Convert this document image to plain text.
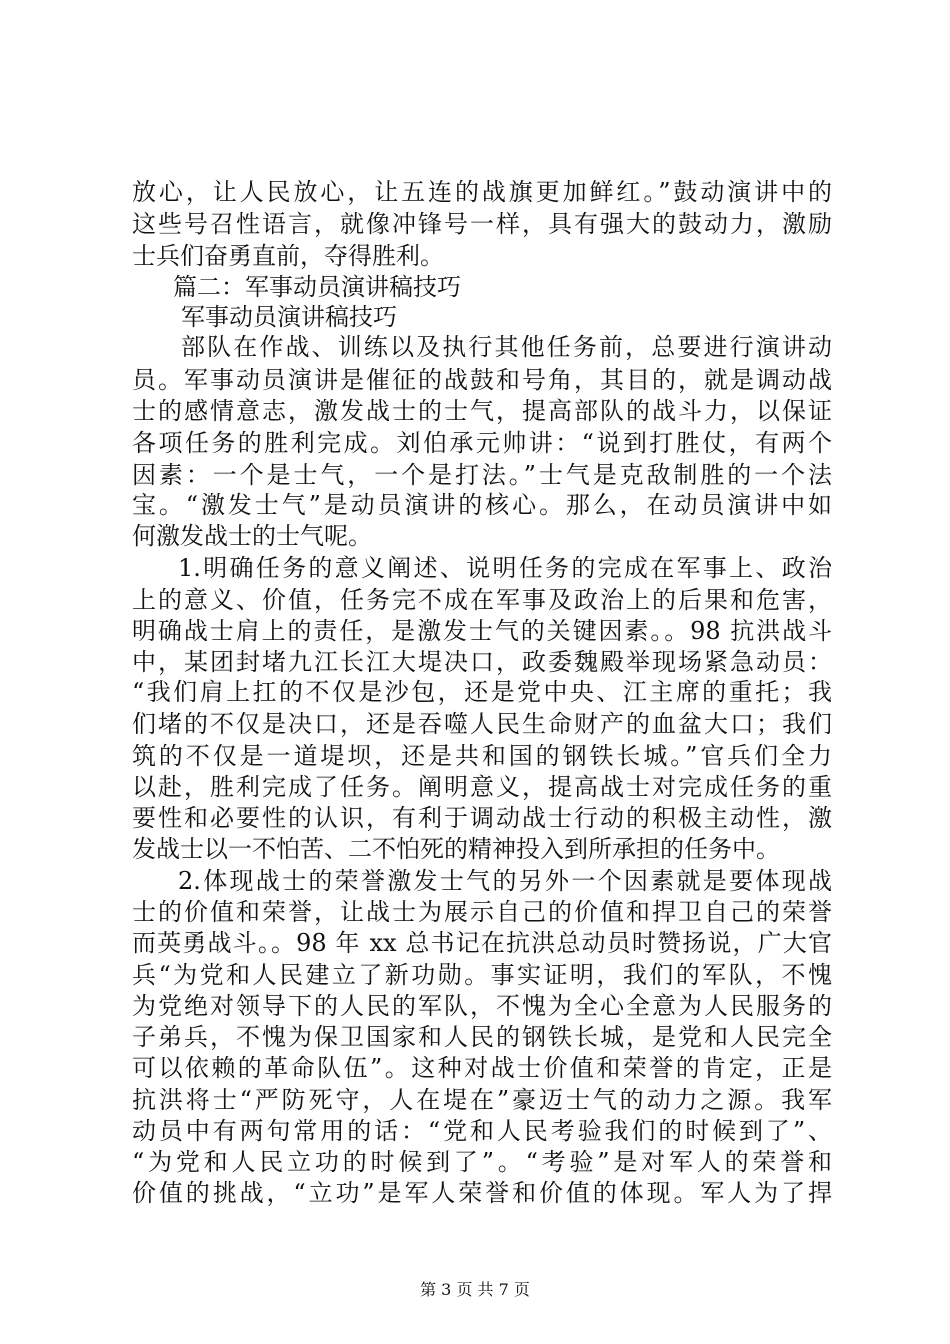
放心，让人民放心，让五连的战旗更加鲜红。”鼓动演讲中的

这些号召性语言，就像冲锋号一样，具有强大的鼓动力，激励

士兵们奋勇直前，夺得胜利。

篇二：军事动员演讲稿技巧

军事动员演讲稿技巧

部队在作战、训练以及执行其他任务前，总要进行演讲动

员。军事动员演讲是催征的战鼓和号角，其目的，就是调动战

士的感情意志，激发战士的士气，提高部队的战斗力，以保证

各项任务的胜利完成。刘伯承元帅讲：“说到打胜仗，有两个

因素：一个是士气，一个是打法。”士气是克敌制胜的一个法

宝。“激发士气”是动员演讲的核心。那么，在动员演讲中如

何激发战士的士气呢。

1.明确任务的意义阐述、说明任务的完成在军事上、政治

上的意义、价值，任务完不成在军事及政治上的后果和危害，

明确战士肩上的责任，是激发士气的关键因素。。98 抗洪战斗

中，某团封堵九江长江大堤决口，政委魏殿举现场紧急动员：

“我们肩上扛的不仅是沙包，还是党中央、江主席的重托；我

们堵的不仅是决口，还是吞噬人民生命财产的血盆大口；我们

筑的不仅是一道堤坝，还是共和国的钢铁长城。”官兵们全力

以赴，胜利完成了任务。阐明意义，提高战士对完成任务的重

要性和必要性的认识，有利于调动战士行动的积极主动性，激

发战士以一不怕苦、二不怕死的精神投入到所承担的任务中。

2.体现战士的荣誉激发士气的另外一个因素就是要体现战

士的价值和荣誉，让战士为展示自己的价值和捍卫自己的荣誉

而英勇战斗。。98 年 xx 总书记在抗洪总动员时赞扬说，广大官

兵“为党和人民建立了新功勋。事实证明，我们的军队，不愧

为党绝对领导下的人民的军队，不愧为全心全意为人民服务的

子弟兵，不愧为保卫国家和人民的钢铁长城，是党和人民完全

可以依赖的革命队伍”。这种对战士价值和荣誉的肯定，正是

抗洪将士“严防死守，人在堤在”豪迈士气的动力之源。我军

动员中有两句常用的话：“党和人民考验我们的时候到了”、

“为党和人民立功的时候到了”。“考验”是对军人的荣誉和

价值的挑战，“立功”是军人荣誉和价值的体现。军人为了捍

第 3 页 共 7 页
